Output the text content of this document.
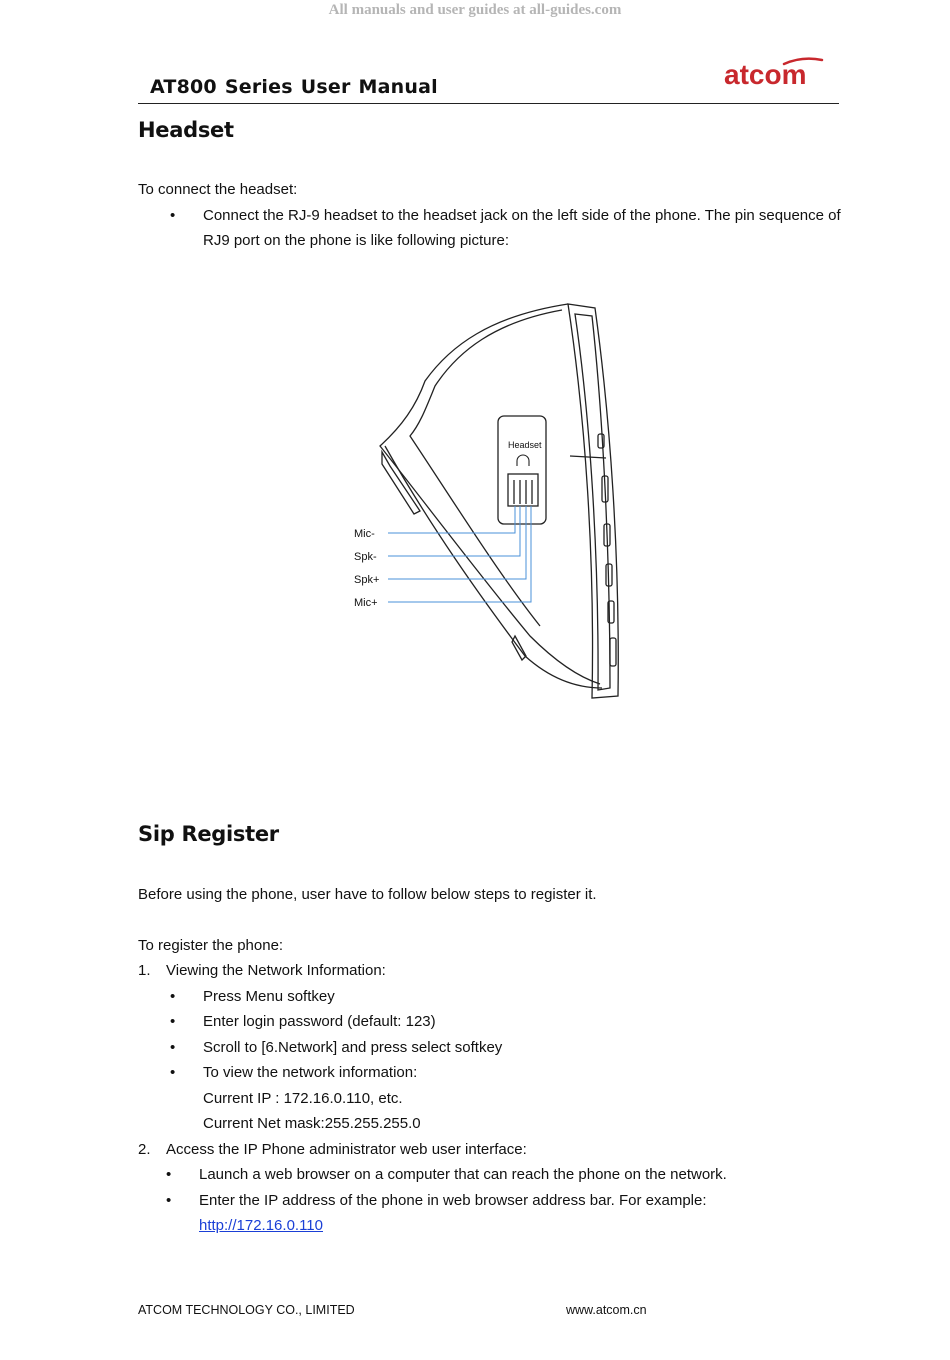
All manuals and user guides at all-guides.com
AT800 Series User Manual	atcom
Headset
To connect the headset:
• Connect the RJ-9 headset to the headset jack on the left side of the phone. The pin sequence of
RJ9 port on the phone is like following picture:
Headset
Mic-
Spk-
Spk+
Mic+
Sip Register
Before using the phone, user have to follow below steps to register it.
To register the phone:
1. Viewing the Network Information:
• Press Menu softkey
• Enter login password (default: 123)
• Scroll to [6.Network] and press select softkey
• To view the network information:
Current IP : 172.16.0.110, etc.
Current Net mask:255.255.255.0
2. Access the IP Phone administrator web user interface:
• Launch a web browser on a computer that can reach the phone on the network.
• Enter the IP address of the phone in web browser address bar. For example:
http://172.16.0.110
ATCOM TECHNOLOGY CO., LIMITED	www.atcom.cn
